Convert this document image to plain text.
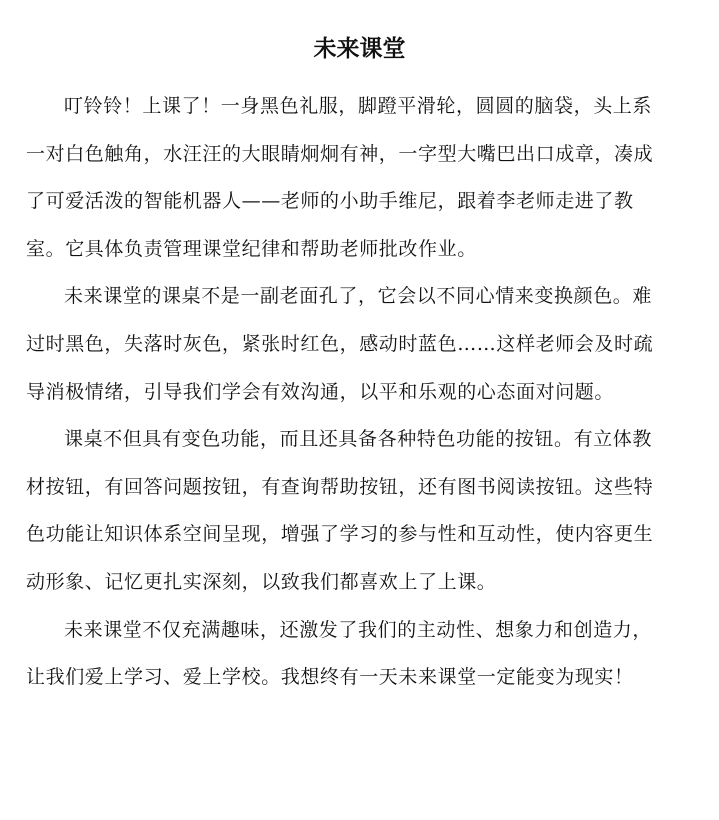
未来课堂

叮铃铃！上课了！一身黑色礼服，脚蹬平滑轮，圆圆的脑袋，头上系一对白色触角，水汪汪的大眼睛炯炯有神，一字型大嘴巴出口成章，凑成了可爱活泼的智能机器人——老师的小助手维尼，跟着李老师走进了教室。它具体负责管理课堂纪律和帮助老师批改作业。

未来课堂的课桌不是一副老面孔了，它会以不同心情来变换颜色。难过时黑色，失落时灰色，紧张时红色，感动时蓝色……这样老师会及时疏导消极情绪，引导我们学会有效沟通，以平和乐观的心态面对问题。

课桌不但具有变色功能，而且还具备各种特色功能的按钮。有立体教材按钮，有回答问题按钮，有查询帮助按钮，还有图书阅读按钮。这些特色功能让知识体系空间呈现，增强了学习的参与性和互动性，使内容更生动形象、记忆更扎实深刻，以致我们都喜欢上了上课。

未来课堂不仅充满趣味，还激发了我们的主动性、想象力和创造力，让我们爱上学习、爱上学校。我想终有一天未来课堂一定能变为现实！
